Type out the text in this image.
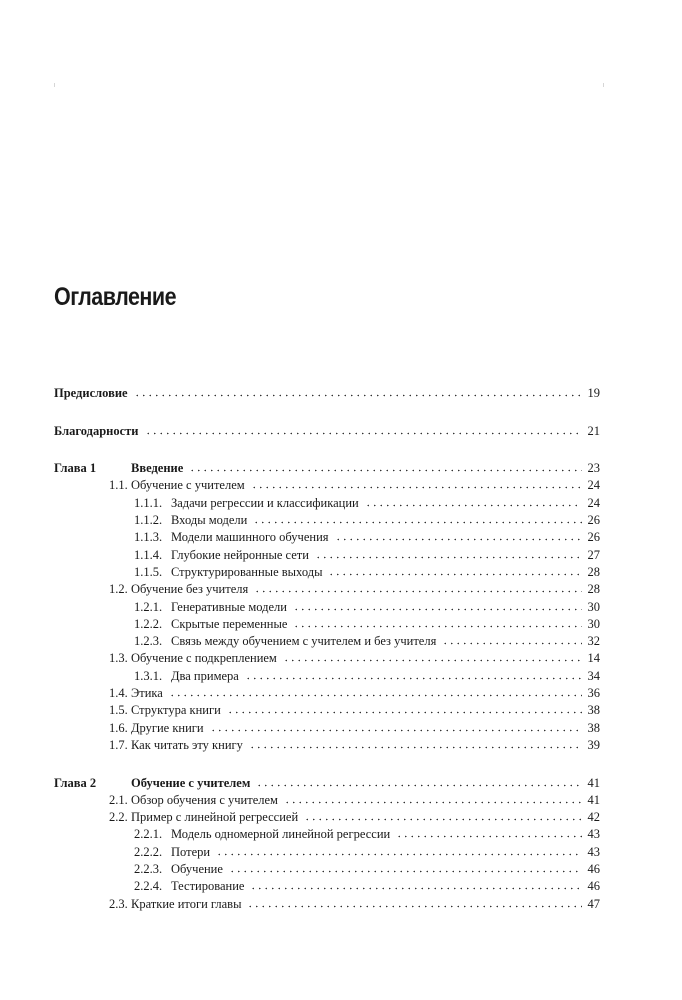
Оглавление
Предисловие	19
Благодарности	21
Глава 1	Введение	23
1.1. Обучение с учителем	24
1.1.1. Задачи регрессии и классификации	24
1.1.2. Входы модели	26
1.1.3. Модели машинного обучения	26
1.1.4. Глубокие нейронные сети	27
1.1.5. Структурированные выходы	28
1.2. Обучение без учителя	28
1.2.1. Генеративные модели	30
1.2.2. Скрытые переменные	30
1.2.3. Связь между обучением с учителем и без учителя	32
1.3. Обучение с подкреплением	14
1.3.1. Два примера	34
1.4. Этика	36
1.5. Структура книги	38
1.6. Другие книги	38
1.7. Как читать эту книгу	39
Глава 2	Обучение с учителем	41
2.1. Обзор обучения с учителем	41
2.2. Пример с линейной регрессией	42
2.2.1. Модель одномерной линейной регрессии	43
2.2.2. Потери	43
2.2.3. Обучение	46
2.2.4. Тестирование	46
2.3. Краткие итоги главы	47
